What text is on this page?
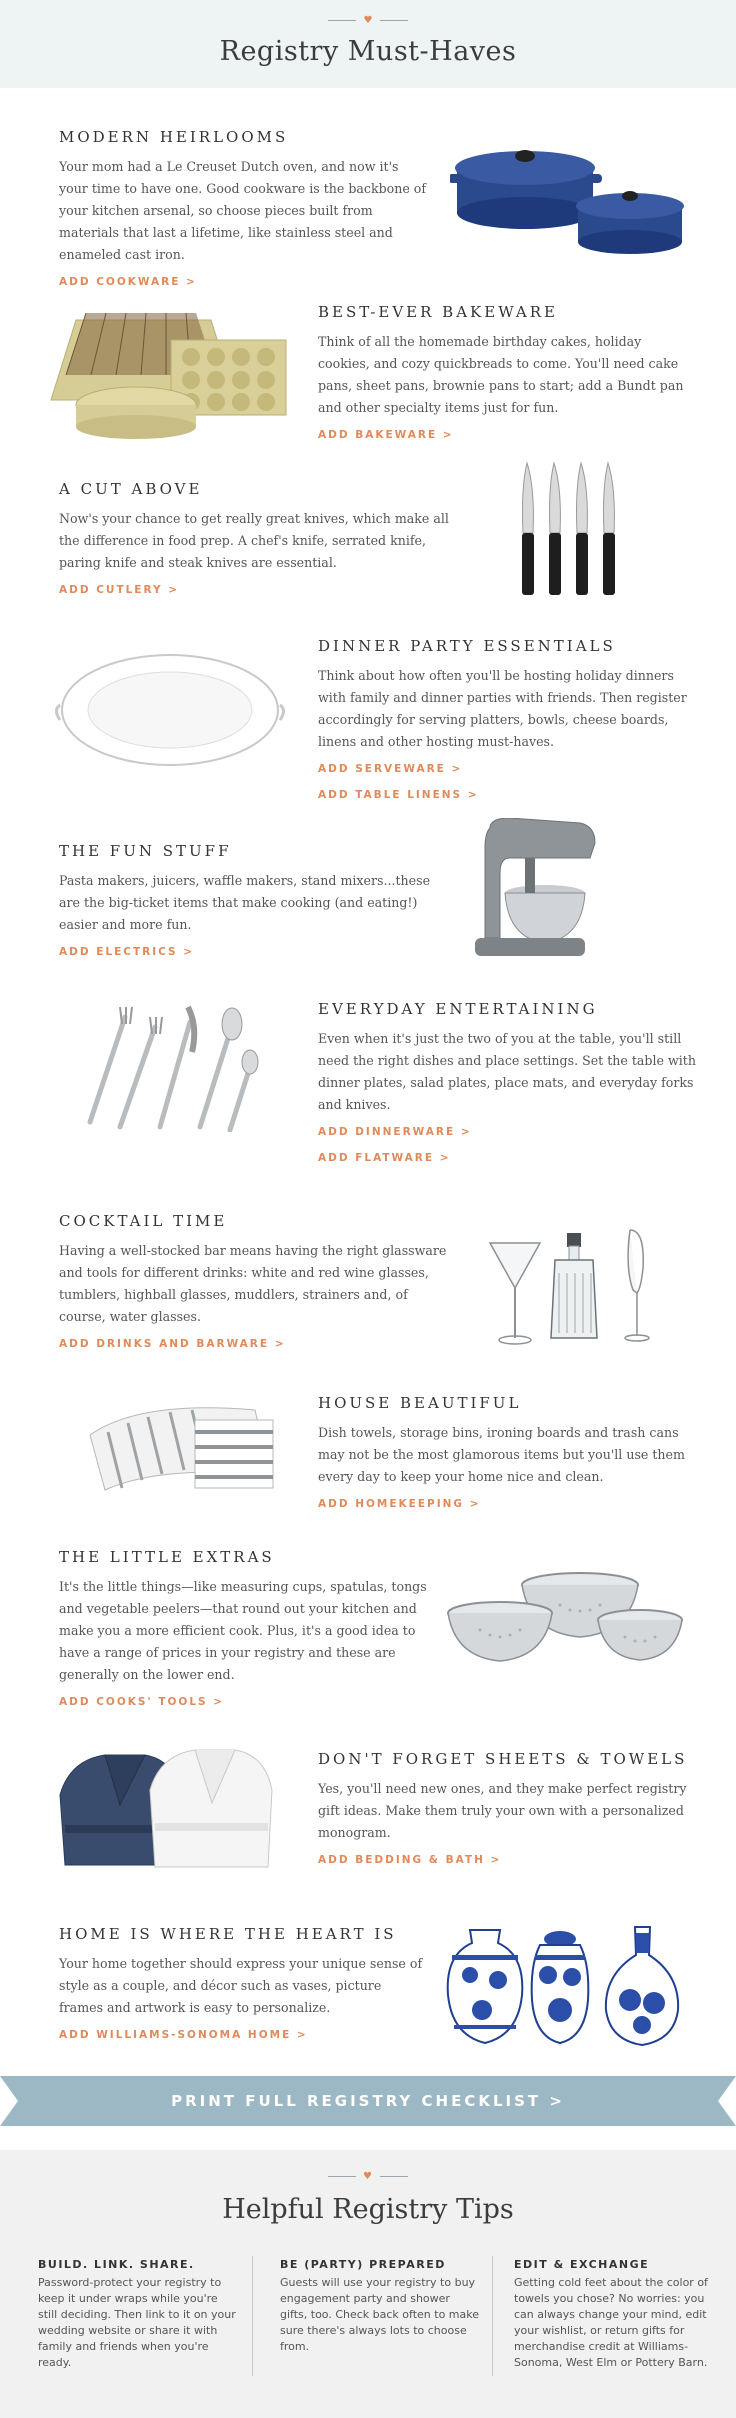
♥
Registry Must-Haves
MODERN HEIRLOOMS
Your mom had a Le Creuset Dutch oven, and now it's your time to have one. Good cookware is the backbone of your kitchen arsenal, so choose pieces built from materials that last a lifetime, like stainless steel and enameled cast iron.
ADD COOKWARE >
BEST-EVER BAKEWARE
Think of all the homemade birthday cakes, holiday cookies, and cozy quickbreads to come. You'll need cake pans, sheet pans, brownie pans to start; add a Bundt pan and other specialty items just for fun.
ADD BAKEWARE >
A CUT ABOVE
Now's your chance to get really great knives, which make all the difference in food prep. A chef's knife, serrated knife, paring knife and steak knives are essential.
ADD CUTLERY >
DINNER PARTY ESSENTIALS
Think about how often you'll be hosting holiday dinners with family and dinner parties with friends. Then register accordingly for serving platters, bowls, cheese boards, linens and other hosting must-haves.
ADD SERVEWARE >
ADD TABLE LINENS >
THE FUN STUFF
Pasta makers, juicers, waffle makers, stand mixers...these are the big-ticket items that make cooking (and eating!) easier and more fun.
ADD ELECTRICS >
EVERYDAY ENTERTAINING
Even when it's just the two of you at the table, you'll still need the right dishes and place settings. Set the table with dinner plates, salad plates, place mats, and everyday forks and knives.
ADD DINNERWARE >
ADD FLATWARE >
COCKTAIL TIME
Having a well-stocked bar means having the right glassware and tools for different drinks: white and red wine glasses, tumblers, highball glasses, muddlers, strainers and, of course, water glasses.
ADD DRINKS AND BARWARE >
HOUSE BEAUTIFUL
Dish towels, storage bins, ironing boards and trash cans may not be the most glamorous items but you'll use them every day to keep your home nice and clean.
ADD HOMEKEEPING >
THE LITTLE EXTRAS
It's the little things—like measuring cups, spatulas, tongs and vegetable peelers—that round out your kitchen and make you a more efficient cook. Plus, it's a good idea to have a range of prices in your registry and these are generally on the lower end.
ADD COOKS' TOOLS >
DON'T FORGET SHEETS & TOWELS
Yes, you'll need new ones, and they make perfect registry gift ideas. Make them truly your own with a personalized monogram.
ADD BEDDING & BATH >
HOME IS WHERE THE HEART IS
Your home together should express your unique sense of style as a couple, and décor such as vases, picture frames and artwork is easy to personalize.
ADD WILLIAMS-SONOMA HOME >
PRINT FULL REGISTRY CHECKLIST >
♥
Helpful Registry Tips
BUILD. LINK. SHARE.
Password-protect your registry to keep it under wraps while you're still deciding. Then link to it on your wedding website or share it with family and friends when you're ready.
BE (PARTY) PREPARED
Guests will use your registry to buy engagement party and shower gifts, too. Check back often to make sure there's always lots to choose from.
EDIT & EXCHANGE
Getting cold feet about the color of towels you chose? No worries: you can always change your mind, edit your wishlist, or return gifts for merchandise credit at Williams-Sonoma, West Elm or Pottery Barn.
